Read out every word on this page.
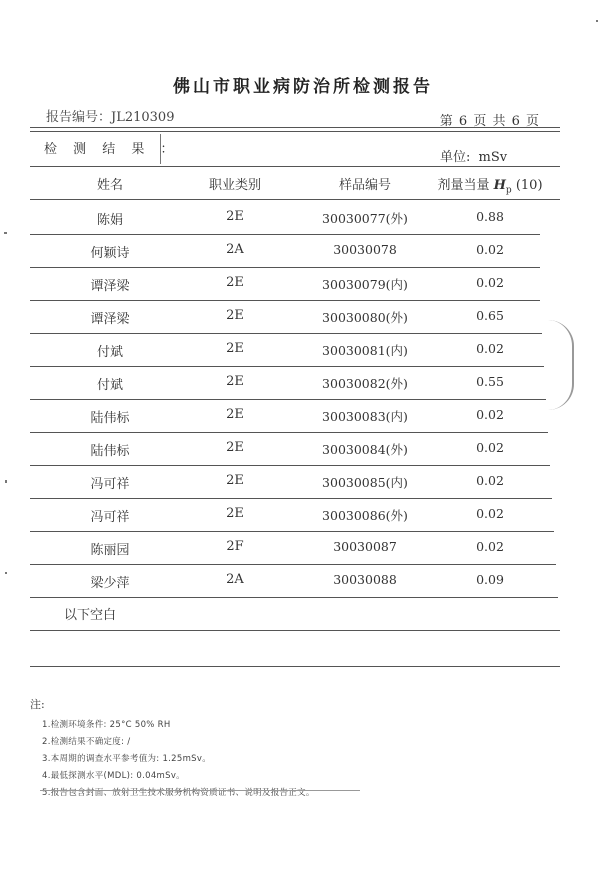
佛山市职业病防治所检测报告
报告编号：JL210309	第 6 页 共 6 页
检 测 结 果 ：
单位: mSv
姓名	职业类别	样品编号	剂量当量 $H_p$ (10)
陈娟	2E	30030077(外)	0.88
何颖诗	2A	30030078	0.02
谭泽梁	2E	30030079(内)	0.02
谭泽梁	2E	30030080(外)	0.65
付斌	2E	30030081(内)	0.02
付斌	2E	30030082(外)	0.55
陆伟标	2E	30030083(内)	0.02
陆伟标	2E	30030084(外)	0.02
冯可祥	2E	30030085(内)	0.02
冯可祥	2E	30030086(外)	0.02
陈丽园	2F	30030087	0.02
梁少萍	2A	30030088	0.09
以下空白
注:
1.检测环境条件: 25°C 50% RH
2.检测结果不确定度: /
3.本周期的调查水平参考值为: 1.25mSv。
4.最低探测水平(MDL): 0.04mSv。
5.报告包含封面、放射卫生技术服务机构资质证书、说明及报告正文。
